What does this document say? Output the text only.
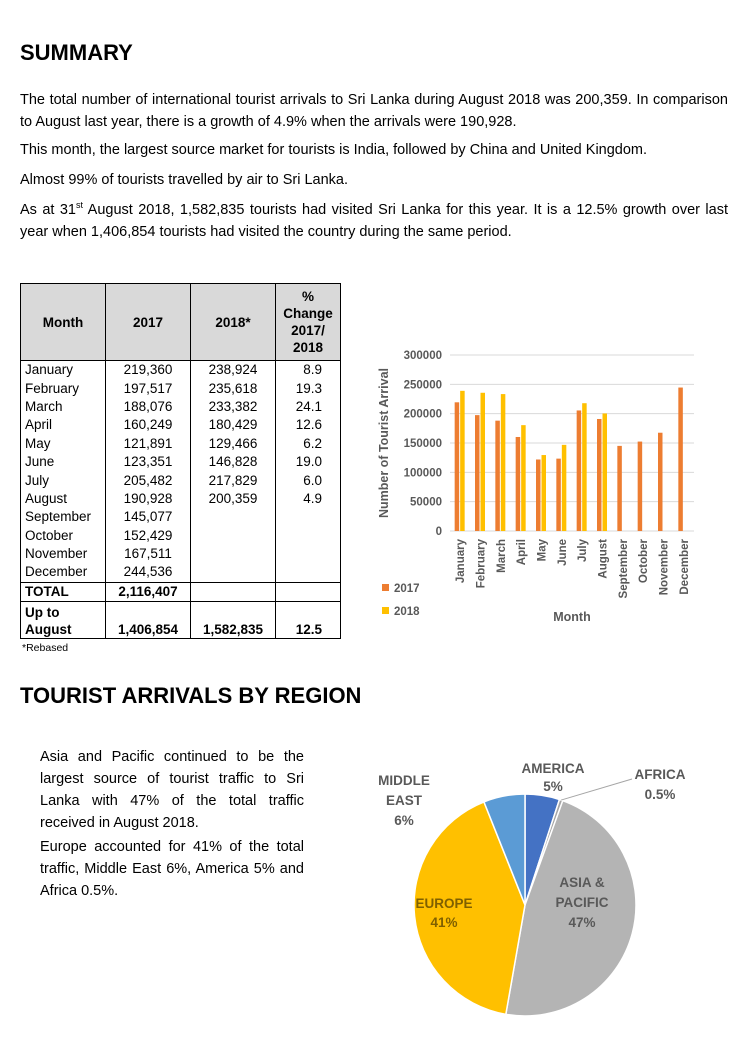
SUMMARY

The total number of international tourist arrivals to Sri Lanka during August 2018 was 200,359. In comparison to August last year, there is a growth of 4.9% when the arrivals were 190,928.

This month, the largest source market for tourists is India, followed by China and United Kingdom.

Almost 99% of tourists travelled by air to Sri Lanka.

As at 31st August 2018, 1,582,835 tourists had visited Sri Lanka for this year. It is a 12.5% growth over last year when 1,406,854 tourists had visited the country during the same period.

Month	2017	2018*	% Change 2017/ 2018
January	219,360	238,924	8.9
February	197,517	235,618	19.3
March	188,076	233,382	24.1
April	160,249	180,429	12.6
May	121,891	129,466	6.2
June	123,351	146,828	19.0
July	205,482	217,829	6.0
August	190,928	200,359	4.9
September	145,077		
October	152,429		
November	167,511		
December	244,536		
TOTAL	2,116,407		
Up to August	1,406,854	1,582,835	12.5
*Rebased
0
50000
100000
150000
200000
250000
300000
Number of Tourist Arrival
January February March April May June July August September October November December
Month
2017
2018
TOURIST ARRIVALS BY REGION

Asia and Pacific continued to be the largest source of tourist traffic to Sri Lanka with 47% of the total traffic received in August 2018.

Europe accounted for 41% of the total traffic, Middle East 6%, America 5% and Africa 0.5%.

AMERICA
5%
AFRICA
0.5%
ASIA &
PACIFIC
47%
EUROPE
41%
MIDDLE
EAST
6%
